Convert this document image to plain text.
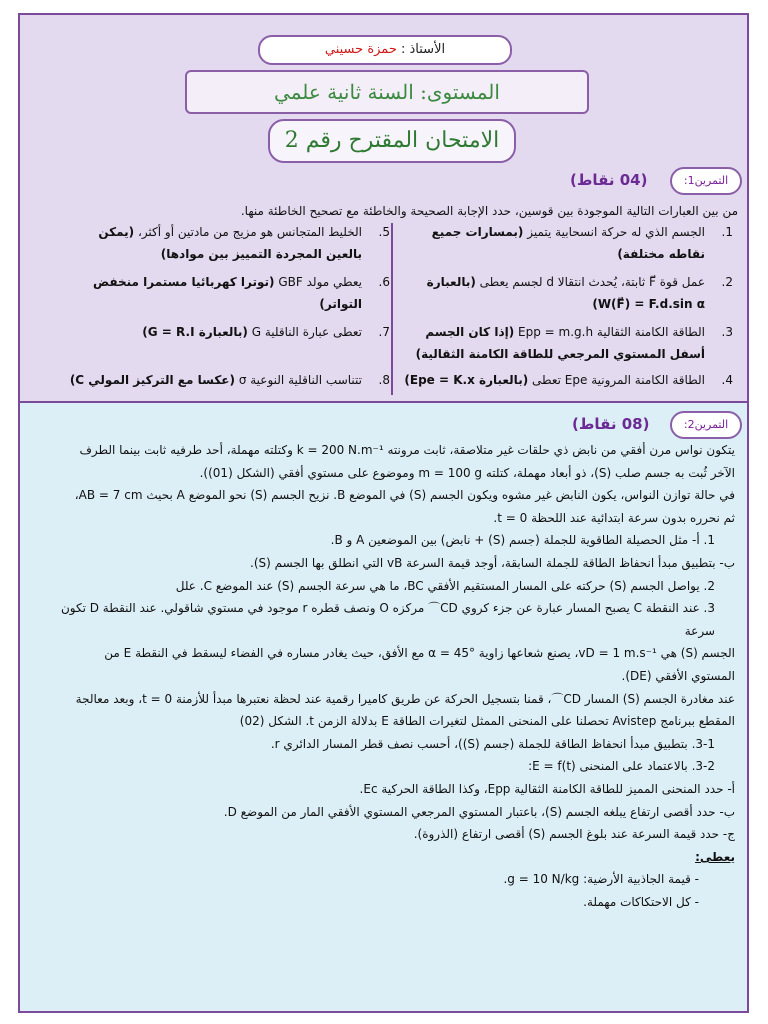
الأستاذ : حمزة حسيني
المستوى: السنة ثانية علمي
الامتحان المقترح رقم 2
التمرين1:
(04 نقاط)
من بين العبارات التالية الموجودة بين قوسين، حدد الإجابة الصحيحة والخاطئة مع تصحيح الخاطئة منها.
1.
الجسم الذي له حركة انسحابية يتميز (بمسارات جميع نقاطه مختلفة)
2.
عمل قوة F⃗ ثابتة، يُحدث انتقالا d لجسم يعطى (بالعبارة W(F⃗) = F.d.sin α)
3.
الطاقة الكامنة الثقالية Epp = m.g.h (إذا كان الجسم أسفل المستوي المرجعي للطاقة الكامنة الثقالية)
4.
الطاقة الكامنة المرونية Epe تعطى (بالعبارة Epe = K.x)
5.
الخليط المتجانس هو مزيج من مادتين أو أكثر، (يمكن بالعين المجردة التمييز بين موادها)
6.
يعطي مولد GBF (توترا كهربائيا مستمرا منخفض التواتر)
7.
تعطى عبارة الناقلية G (بالعبارة G = R.I)
8.
تتناسب الناقلية النوعية σ (عكسا مع التركيز المولي C)
التمرين2:
(08 نقاط)

يتكون نواس مرن أفقي من نابض ذي حلقات غير متلاصقة، ثابت مرونته k = 200 N.m⁻¹ وكتلته مهملة، أحد طرفيه ثابت بينما الطرف

الآخر ثُبت به جسم صلب (S)، ذو أبعاد مهملة، كتلته m = 100 g وموضوع على مستوي أفقي (الشكل (01)).

في حالة توازن النواس، يكون النابض غير مشوه ويكون الجسم (S) في الموضع B. نزيح الجسم (S) نحو الموضع A بحيث AB = 7 cm،

ثم نحرره بدون سرعة ابتدائية عند اللحظة t = 0.

1. أ- مثل الحصيلة الطاقوية للجملة (جسم (S) + نابض) بين الموضعين A و B.

ب- بتطبيق مبدأ انحفاظ الطاقة للجملة السابقة، أوجد قيمة السرعة vB التي انطلق بها الجسم (S).

2. يواصل الجسم (S) حركته على المسار المستقيم الأفقي BC، ما هي سرعة الجسم (S) عند الموضع C. علل

3. عند النقطة C يصبح المسار عبارة عن جزء كروي CD⌒ مركزه O ونصف قطره r موجود في مستوي شاقولي. عند النقطة D تكون سرعة

الجسم (S) هي vD = 1 m.s⁻¹، يصنع شعاعها زاوية α = 45° مع الأفق، حيث يغادر مساره في الفضاء ليسقط في النقطة E من

المستوي الأفقي (DE).

عند مغادرة الجسم (S) المسار CD⌒، قمنا بتسجيل الحركة عن طريق كاميرا رقمية عند لحظة نعتبرها مبدأ للأزمنة t = 0، وبعد معالجة

المقطع ببرنامج Avistep تحصلنا على المنحنى الممثل لتغيرات الطاقة E بدلالة الزمن t. الشكل (02)

3-1. بتطبيق مبدأ انحفاظ الطاقة للجملة (جسم (S))، أحسب نصف قطر المسار الدائري r.

3-2. بالاعتماد على المنحنى E = f(t):

أ- حدد المنحنى المميز للطاقة الكامنة الثقالية Epp، وكذا الطاقة الحركية Ec.

ب- حدد أقصى ارتفاع يبلغه الجسم (S)، باعتبار المستوي المرجعي المستوي الأفقي المار من الموضع D.

ج- حدد قيمة السرعة عند بلوغ الجسم (S) أقصى ارتفاع (الذروة).

يعطى:

- قيمة الجاذبية الأرضية: g = 10 N/kg.

- كل الاحتكاكات مهملة.
